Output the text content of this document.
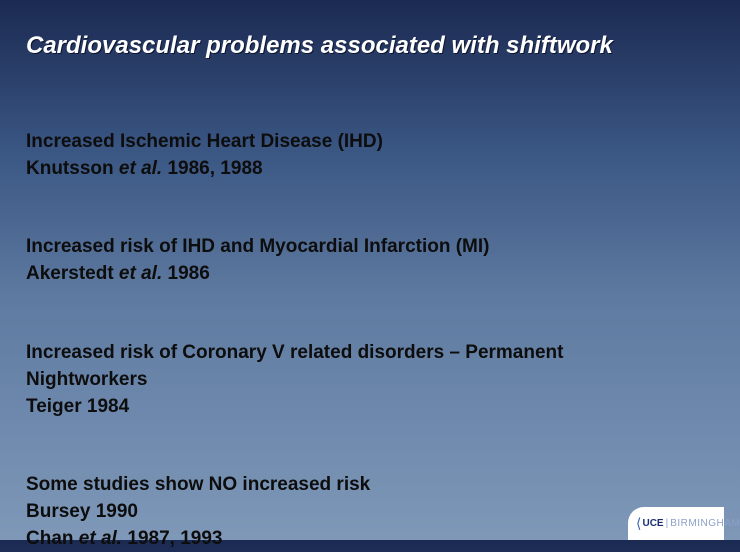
Cardiovascular problems associated with shiftwork
Increased Ischemic Heart Disease (IHD)
Knutsson et al. 1986, 1988
Increased risk of IHD and Myocardial Infarction (MI)
Akerstedt et al. 1986
Increased risk of Coronary V related disorders – Permanent
Nightworkers
Teiger 1984
Some studies show NO increased risk
Bursey 1990
Chan et al. 1987, 1993
⟨ UCE | BIRMINGHAM
